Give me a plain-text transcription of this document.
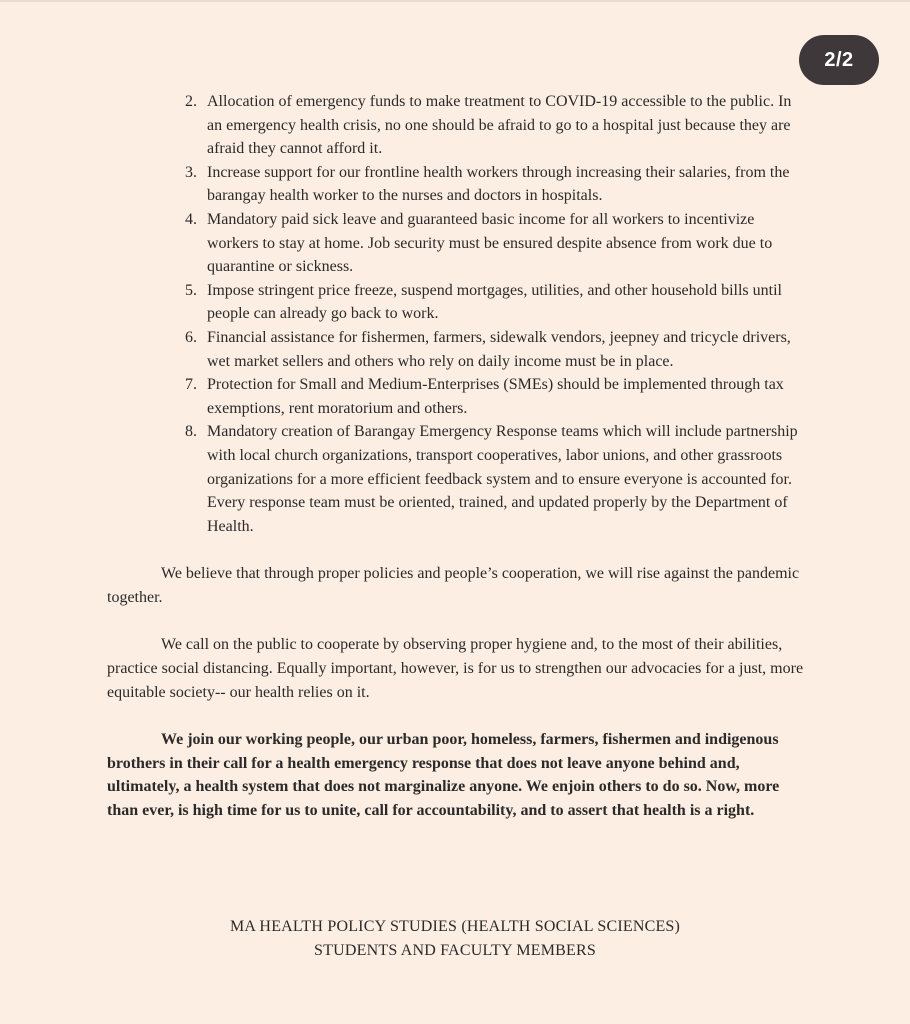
2/2
2. Allocation of emergency funds to make treatment to COVID-19 accessible to the public. In an emergency health crisis, no one should be afraid to go to a hospital just because they are afraid they cannot afford it.
3. Increase support for our frontline health workers through increasing their salaries, from the barangay health worker to the nurses and doctors in hospitals.
4. Mandatory paid sick leave and guaranteed basic income for all workers to incentivize workers to stay at home. Job security must be ensured despite absence from work due to quarantine or sickness.
5. Impose stringent price freeze, suspend mortgages, utilities, and other household bills until people can already go back to work.
6. Financial assistance for fishermen, farmers, sidewalk vendors, jeepney and tricycle drivers, wet market sellers and others who rely on daily income must be in place.
7. Protection for Small and Medium-Enterprises (SMEs) should be implemented through tax exemptions, rent moratorium and others.
8. Mandatory creation of Barangay Emergency Response teams which will include partnership with local church organizations, transport cooperatives, labor unions, and other grassroots organizations for a more efficient feedback system and to ensure everyone is accounted for. Every response team must be oriented, trained, and updated properly by the Department of Health.

We believe that through proper policies and people’s cooperation, we will rise against the pandemic together.

We call on the public to cooperate by observing proper hygiene and, to the most of their abilities, practice social distancing. Equally important, however, is for us to strengthen our advocacies for a just, more equitable society-- our health relies on it.

We join our working people, our urban poor, homeless, farmers, fishermen and indigenous brothers in their call for a health emergency response that does not leave anyone behind and, ultimately, a health system that does not marginalize anyone. We enjoin others to do so. Now, more than ever, is high time for us to unite, call for accountability, and to assert that health is a right.

MA HEALTH POLICY STUDIES (HEALTH SOCIAL SCIENCES)
STUDENTS AND FACULTY MEMBERS
